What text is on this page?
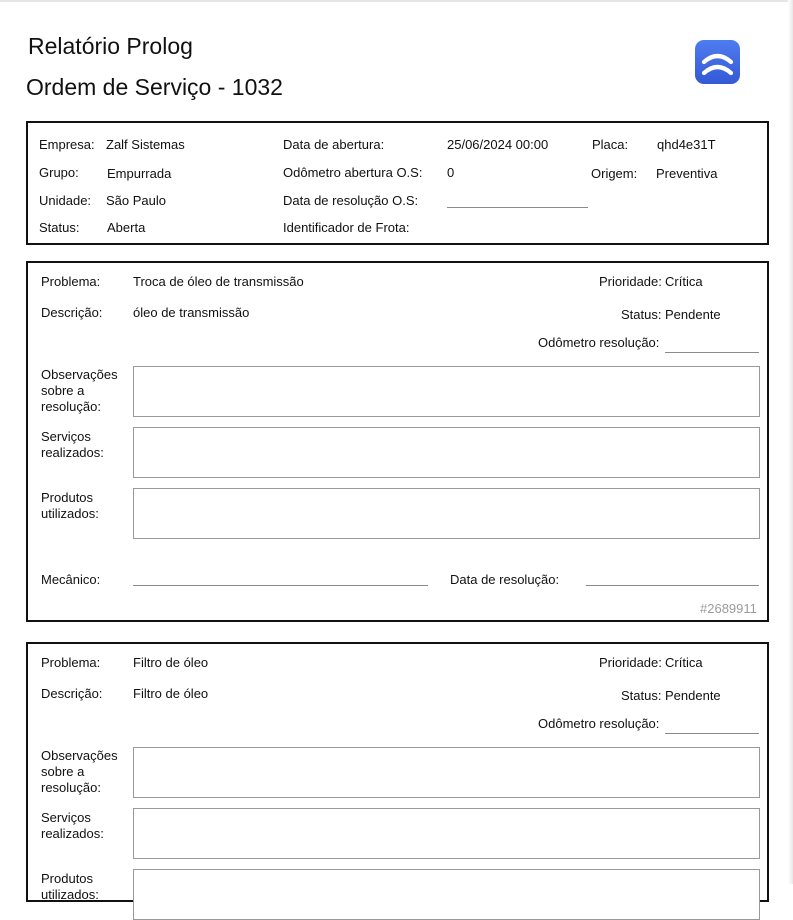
Relatório Prolog
Ordem de Serviço - 1032
Empresa: Zalf Sistemas
Grupo: Empurrada
Unidade: São Paulo
Status: Aberta
Data de abertura:	25/06/2024 00:00
Odômetro abertura O.S: 0
Data de resolução O.S:
Identificador de Frota:
Placa: qhd4e31T
Origem: Preventiva
Problema:	Troca de óleo de transmissão
Descrição: óleo de transmissão
Prioridade: Crítica
Status: Pendente
Odômetro resolução:
Observações sobre a resolução:
Serviços realizados:
Produtos utilizados:
Mecânico:	Data de resolução:
#2689911
Problema:	Filtro de óleo
Descrição: Filtro de óleo
Prioridade: Crítica
Status: Pendente
Odômetro resolução:
Observações sobre a resolução:
Serviços realizados:
Produtos utilizados:
